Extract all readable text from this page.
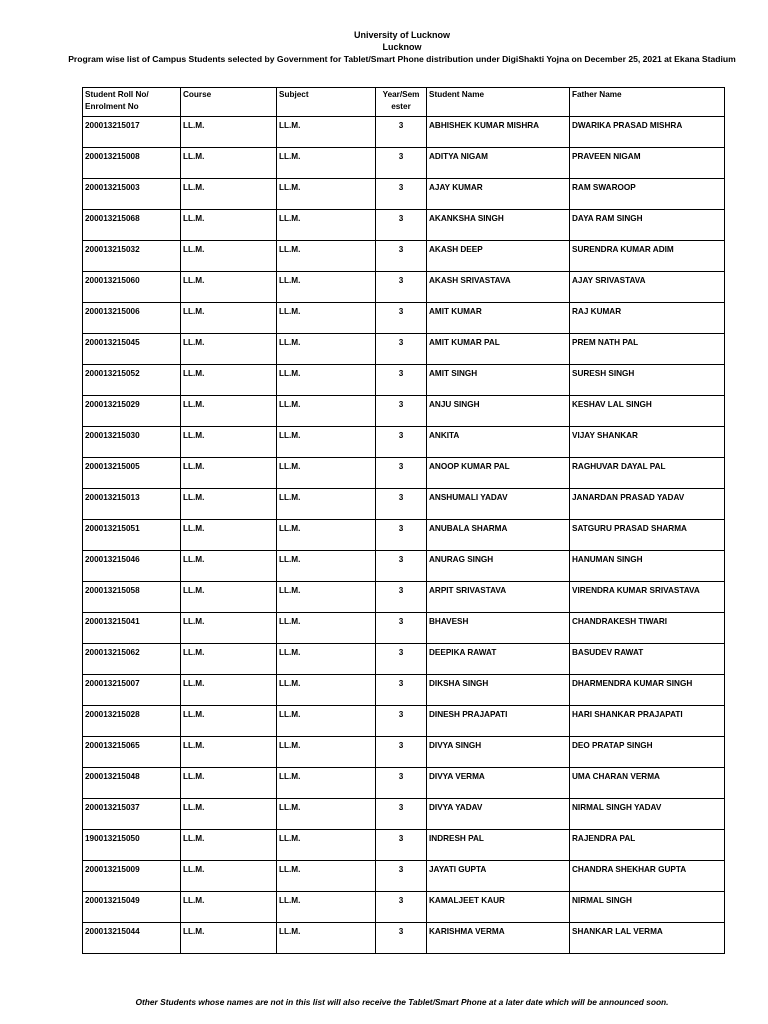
University of Lucknow
Lucknow
Program wise list of Campus Students selected by Government for Tablet/Smart Phone distribution under DigiShakti Yojna on December 25, 2021 at Ekana Stadium
Student Roll No/
Enrolment No	Course	Subject	Year/Sem
ester	Student Name	Father Name
200013215017	LL.M.	LL.M.	3	ABHISHEK KUMAR MISHRA	DWARIKA PRASAD MISHRA
200013215008	LL.M.	LL.M.	3	ADITYA NIGAM	PRAVEEN NIGAM
200013215003	LL.M.	LL.M.	3	AJAY KUMAR	RAM SWAROOP
200013215068	LL.M.	LL.M.	3	AKANKSHA SINGH	DAYA RAM SINGH
200013215032	LL.M.	LL.M.	3	AKASH DEEP	SURENDRA KUMAR ADIM
200013215060	LL.M.	LL.M.	3	AKASH SRIVASTAVA	AJAY SRIVASTAVA
200013215006	LL.M.	LL.M.	3	AMIT KUMAR	RAJ KUMAR
200013215045	LL.M.	LL.M.	3	AMIT KUMAR PAL	PREM NATH PAL
200013215052	LL.M.	LL.M.	3	AMIT SINGH	SURESH SINGH
200013215029	LL.M.	LL.M.	3	ANJU SINGH	KESHAV LAL SINGH
200013215030	LL.M.	LL.M.	3	ANKITA	VIJAY SHANKAR
200013215005	LL.M.	LL.M.	3	ANOOP KUMAR PAL	RAGHUVAR DAYAL PAL
200013215013	LL.M.	LL.M.	3	ANSHUMALI YADAV	JANARDAN PRASAD YADAV
200013215051	LL.M.	LL.M.	3	ANUBALA SHARMA	SATGURU PRASAD SHARMA
200013215046	LL.M.	LL.M.	3	ANURAG SINGH	HANUMAN SINGH
200013215058	LL.M.	LL.M.	3	ARPIT SRIVASTAVA	VIRENDRA KUMAR SRIVASTAVA
200013215041	LL.M.	LL.M.	3	BHAVESH	CHANDRAKESH TIWARI
200013215062	LL.M.	LL.M.	3	DEEPIKA RAWAT	BASUDEV RAWAT
200013215007	LL.M.	LL.M.	3	DIKSHA SINGH	DHARMENDRA KUMAR SINGH
200013215028	LL.M.	LL.M.	3	DINESH PRAJAPATI	HARI SHANKAR PRAJAPATI
200013215065	LL.M.	LL.M.	3	DIVYA SINGH	DEO PRATAP SINGH
200013215048	LL.M.	LL.M.	3	DIVYA VERMA	UMA CHARAN VERMA
200013215037	LL.M.	LL.M.	3	DIVYA YADAV	NIRMAL SINGH YADAV
190013215050	LL.M.	LL.M.	3	INDRESH PAL	RAJENDRA PAL
200013215009	LL.M.	LL.M.	3	JAYATI GUPTA	CHANDRA SHEKHAR GUPTA
200013215049	LL.M.	LL.M.	3	KAMALJEET KAUR	NIRMAL SINGH
200013215044	LL.M.	LL.M.	3	KARISHMA VERMA	SHANKAR LAL VERMA
Other Students whose names are not in this list will also receive the Tablet/Smart Phone at a later date which will be announced soon.
